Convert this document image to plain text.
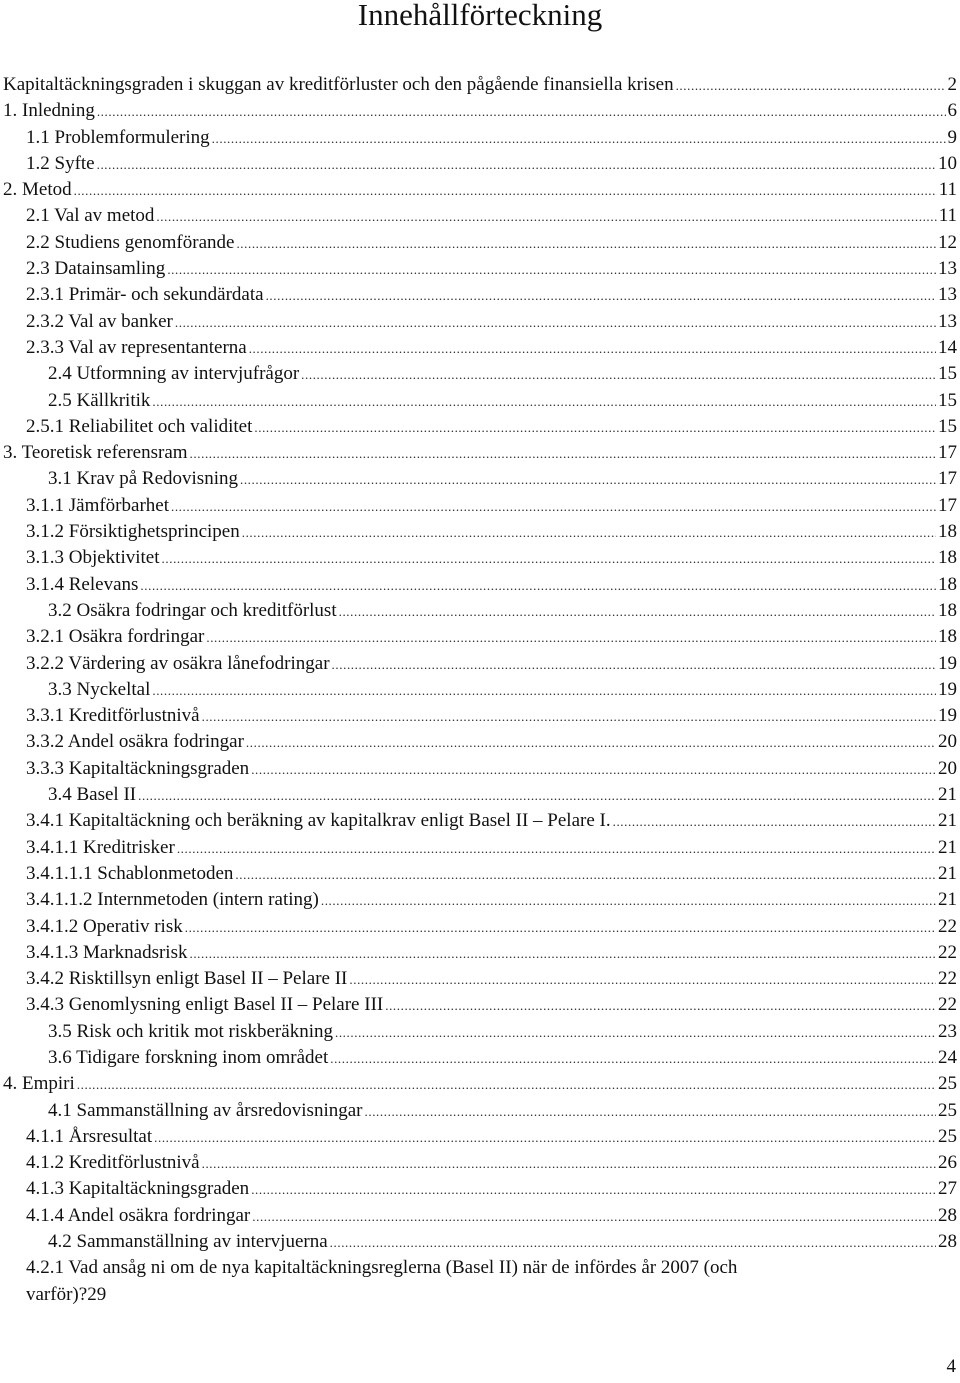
Innehållförteckning
Kapitaltäckningsgraden i skuggan av kreditförluster och den pågående finansiella krisen .....	2
1. Inledning .....	6
1.1 Problemformulering .....	9
1.2 Syfte .....	10
2. Metod .....	11
2.1 Val av metod .....	11
2.2 Studiens genomförande .....	12
2.3 Datainsamling .....	13
2.3.1 Primär- och sekundärdata .....	13
2.3.2 Val av banker .....	13
2.3.3 Val av representanterna .....	14
2.4 Utformning av intervjufrågor .....	15
2.5 Källkritik .....	15
2.5.1 Reliabilitet och validitet .....	15
3. Teoretisk referensram .....	17
3.1 Krav på Redovisning .....	17
3.1.1 Jämförbarhet .....	17
3.1.2 Försiktighetsprincipen .....	18
3.1.3 Objektivitet .....	18
3.1.4 Relevans .....	18
3.2 Osäkra fodringar och kreditförlust .....	18
3.2.1 Osäkra fordringar .....	18
3.2.2 Värdering av osäkra lånefodringar .....	19
3.3 Nyckeltal .....	19
3.3.1 Kreditförlustnivå .....	19
3.3.2 Andel osäkra fodringar .....	20
3.3.3 Kapitaltäckningsgraden .....	20
3.4 Basel II .....	21
3.4.1 Kapitaltäckning och beräkning av kapitalkrav enligt Basel II – Pelare I. .....	21
3.4.1.1 Kreditrisker .....	21
3.4.1.1.1 Schablonmetoden .....	21
3.4.1.1.2 Internmetoden (intern rating) .....	21
3.4.1.2 Operativ risk .....	22
3.4.1.3 Marknadsrisk .....	22
3.4.2 Risktillsyn enligt Basel II – Pelare II .....	22
3.4.3 Genomlysning enligt Basel II – Pelare III .....	22
3.5 Risk och kritik mot riskberäkning .....	23
3.6 Tidigare forskning inom området .....	24
4. Empiri .....	25
4.1 Sammanställning av årsredovisningar .....	25
4.1.1 Årsresultat .....	25
4.1.2 Kreditförlustnivå .....	26
4.1.3 Kapitaltäckningsgraden .....	27
4.1.4 Andel osäkra fordringar .....	28
4.2 Sammanställning av intervjuerna .....	28
4.2.1 Vad ansåg ni om de nya kapitaltäckningsreglerna (Basel II) när de infördes år 2007 (och
varför)? 29
4
